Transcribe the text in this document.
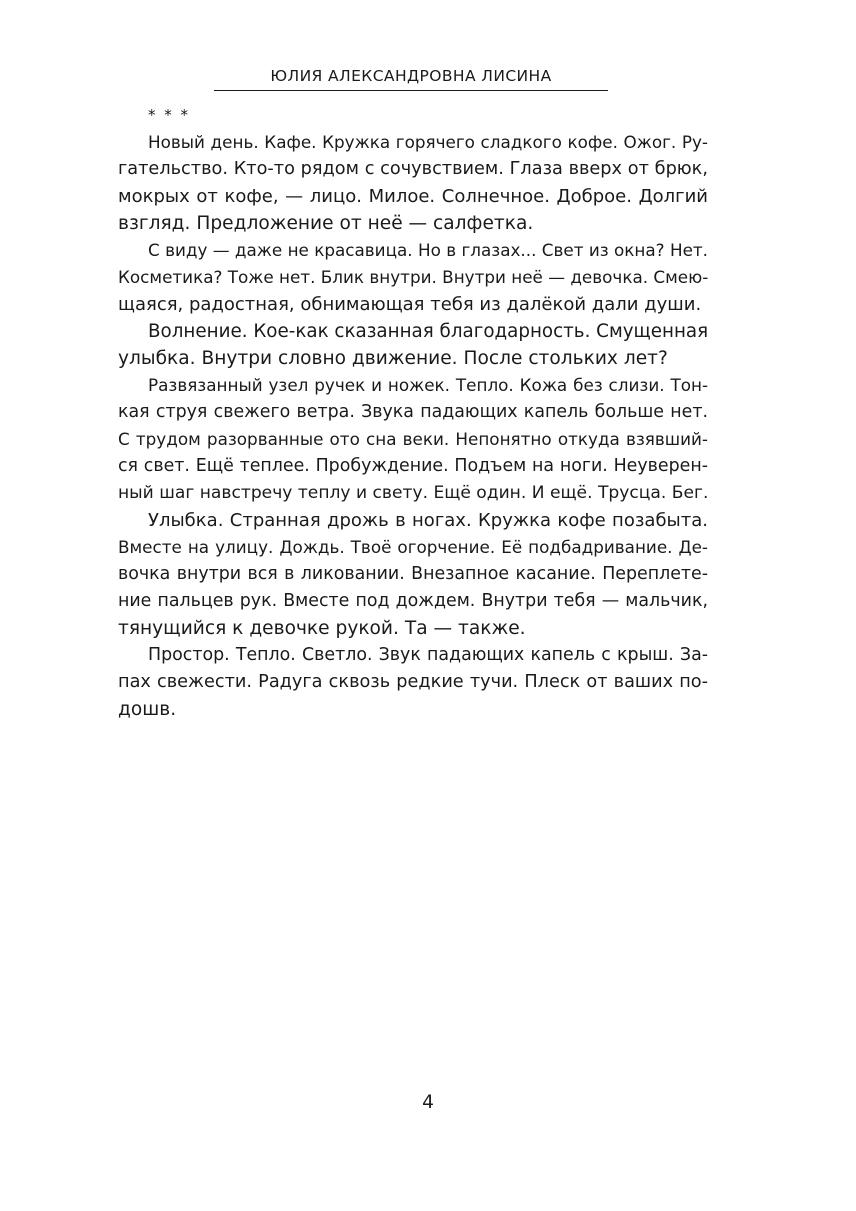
ЮЛИЯ АЛЕКСАНДРОВНА ЛИСИНА
* * *
Новый день. Кафе. Кружка горячего сладкого кофе. Ожог. Ру-
гательство. Кто-то рядом с сочувствием. Глаза вверх от брюк,
мокрых от кофе, — лицо. Милое. Солнечное. Доброе. Долгий
взгляд. Предложение от неё — салфетка.
С виду — даже не красавица. Но в глазах... Свет из окна? Нет.
Косметика? Тоже нет. Блик внутри. Внутри неё — девочка. Смею-
щаяся, радостная, обнимающая тебя из далёкой дали души.
Волнение. Кое-как сказанная благодарность. Смущенная
улыбка. Внутри словно движение. После стольких лет?
Развязанный узел ручек и ножек. Тепло. Кожа без слизи. Тон-
кая струя свежего ветра. Звука падающих капель больше нет.
С трудом разорванные ото сна веки. Непонятно откуда взявший-
ся свет. Ещё теплее. Пробуждение. Подъем на ноги. Неуверен-
ный шаг навстречу теплу и свету. Ещё один. И ещё. Трусца. Бег.
Улыбка. Странная дрожь в ногах. Кружка кофе позабыта.
Вместе на улицу. Дождь. Твоё огорчение. Её подбадривание. Де-
вочка внутри вся в ликовании. Внезапное касание. Переплете-
ние пальцев рук. Вместе под дождем. Внутри тебя — мальчик,
тянущийся к девочке рукой. Та — также.
Простор. Тепло. Светло. Звук падающих капель с крыш. За-
пах свежести. Радуга сквозь редкие тучи. Плеск от ваших по-
дошв.
4
